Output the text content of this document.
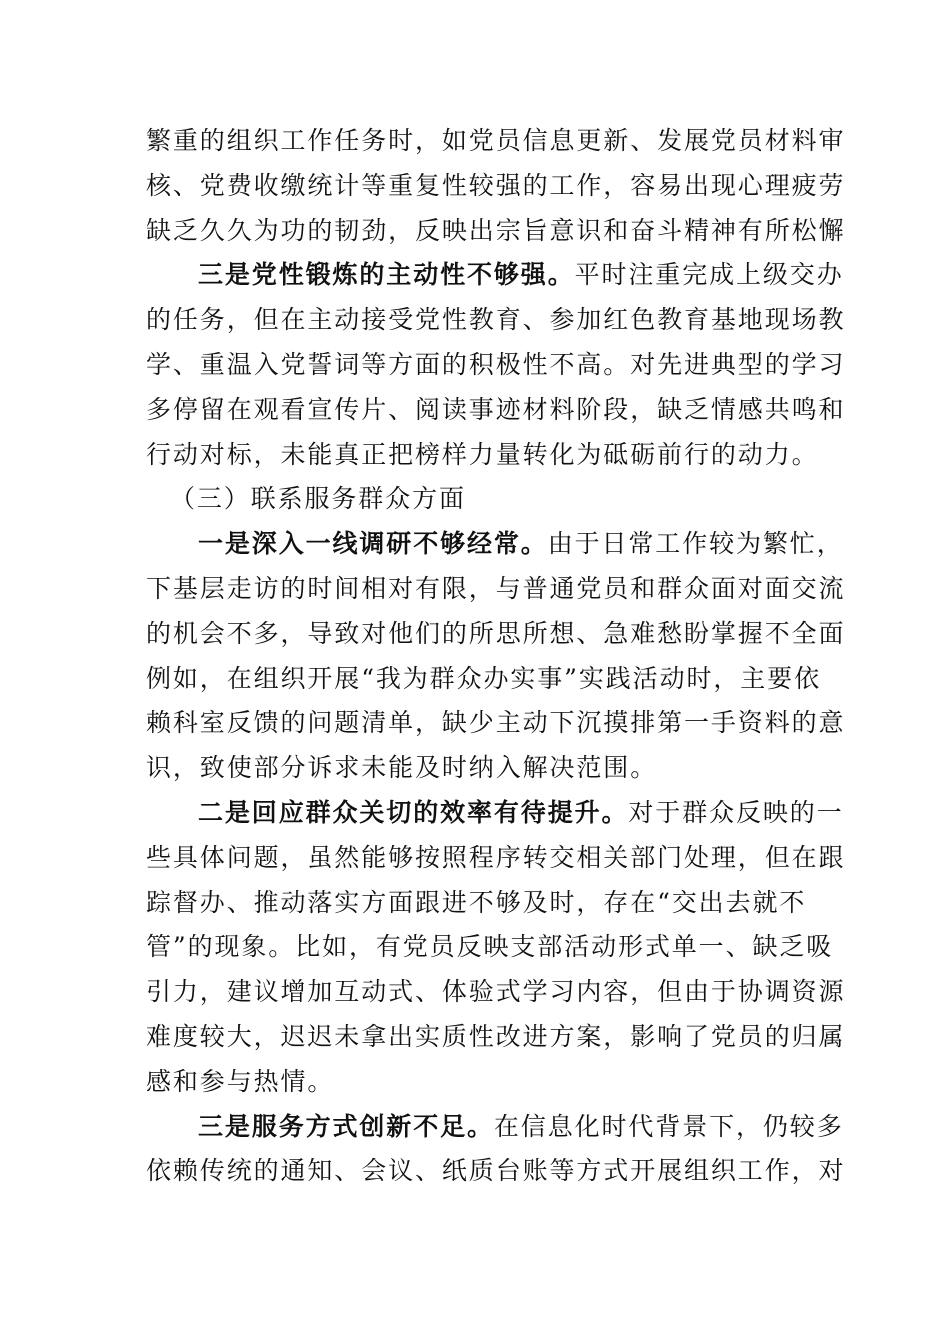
繁重的组织工作任务时，如党员信息更新、发展党员材料审
核、党费收缴统计等重复性较强的工作，容易出现心理疲劳
缺乏久久为功的韧劲，反映出宗旨意识和奋斗精神有所松懈
三是党性锻炼的主动性不够强。平时注重完成上级交办
的任务，但在主动接受党性教育、参加红色教育基地现场教
学、重温入党誓词等方面的积极性不高。对先进典型的学习
多停留在观看宣传片、阅读事迹材料阶段，缺乏情感共鸣和
行动对标，未能真正把榜样力量转化为砥砺前行的动力。
（三）联系服务群众方面
一是深入一线调研不够经常。由于日常工作较为繁忙，
下基层走访的时间相对有限，与普通党员和群众面对面交流
的机会不多，导致对他们的所思所想、急难愁盼掌握不全面
例如，在组织开展“我为群众办实事”实践活动时，主要依
赖科室反馈的问题清单，缺少主动下沉摸排第一手资料的意
识，致使部分诉求未能及时纳入解决范围。
二是回应群众关切的效率有待提升。对于群众反映的一
些具体问题，虽然能够按照程序转交相关部门处理，但在跟
踪督办、推动落实方面跟进不够及时，存在“交出去就不
管”的现象。比如，有党员反映支部活动形式单一、缺乏吸
引力，建议增加互动式、体验式学习内容，但由于协调资源
难度较大，迟迟未拿出实质性改进方案，影响了党员的归属
感和参与热情。
三是服务方式创新不足。在信息化时代背景下，仍较多
依赖传统的通知、会议、纸质台账等方式开展组织工作，对
